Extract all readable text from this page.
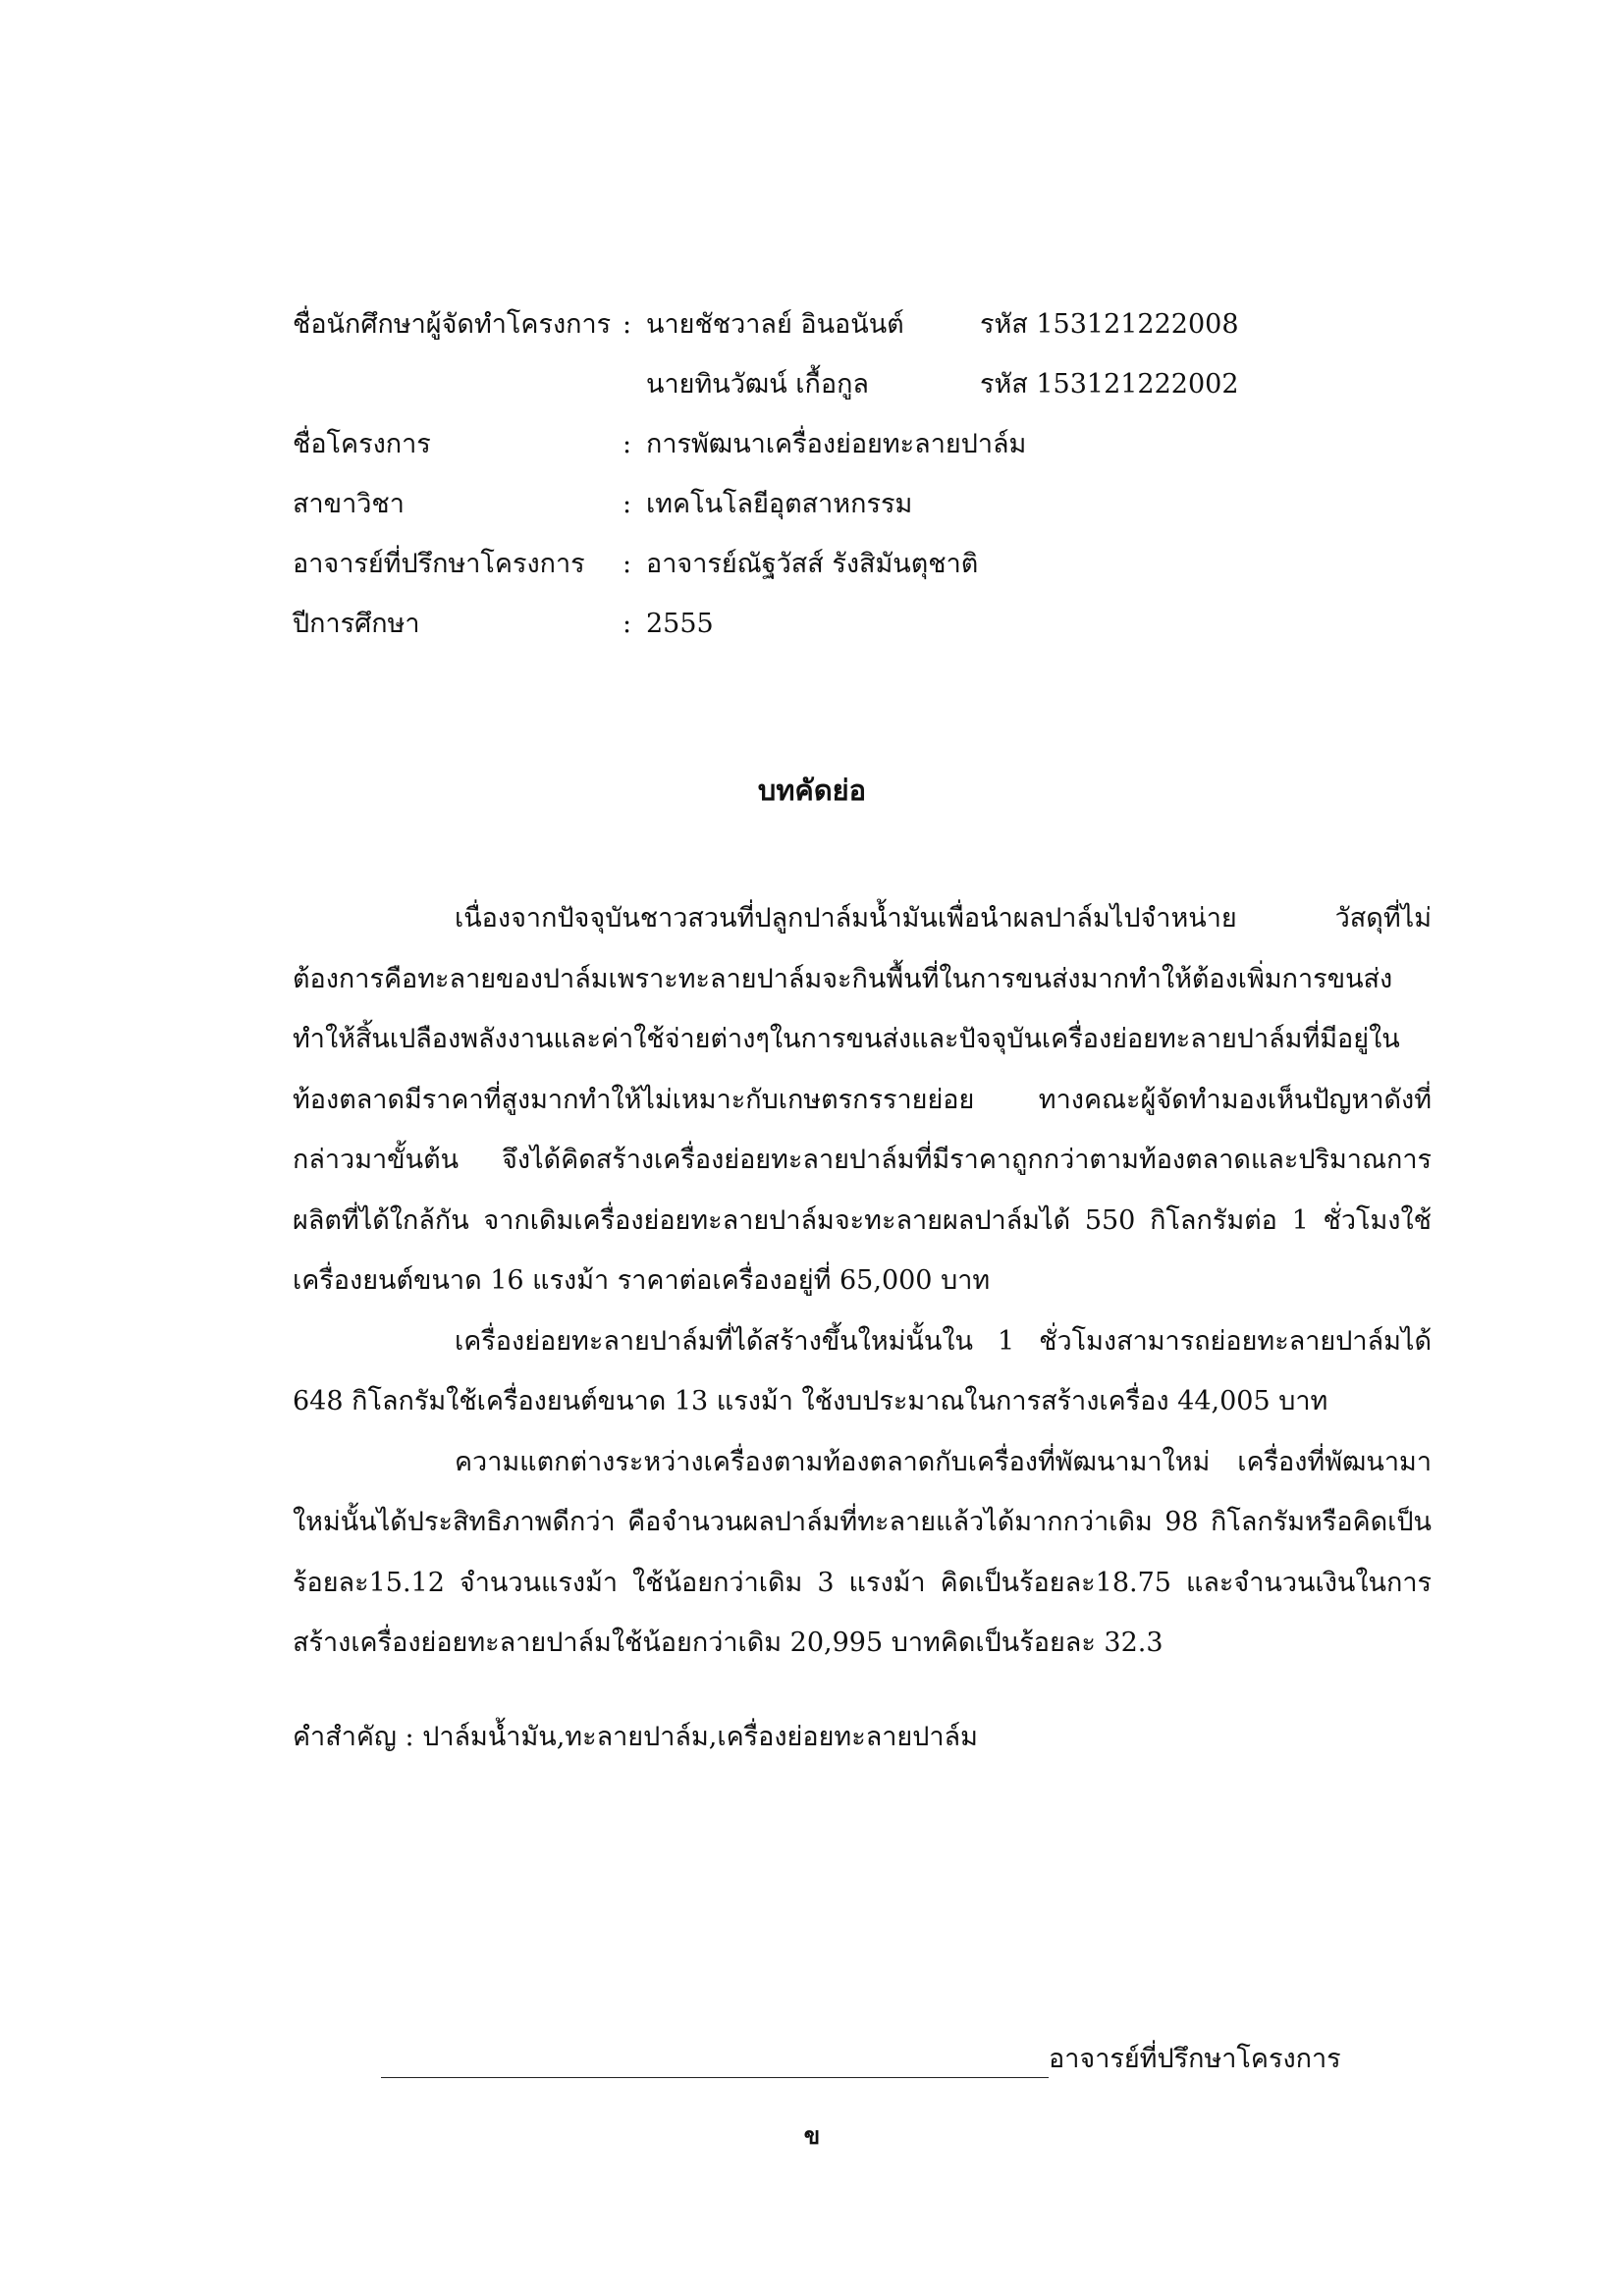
ชื่อนักศึกษาผู้จัดทำโครงการ : นายชัชวาลย์ อินอนันต์	รหัส 153121222008
นายทินวัฒน์ เกื้อกูล	รหัส 153121222002
ชื่อโครงการ	: การพัฒนาเครื่องย่อยทะลายปาล์ม
สาขาวิชา	: เทคโนโลยีอุตสาหกรรม
อาจารย์ที่ปรึกษาโครงการ : อาจารย์ณัฐวัสส์ รังสิมันตุชาติ
ปีการศึกษา	: 2555
บทคัดย่อ

เนื่องจากปัจจุบันชาวสวนที่ปลูกปาล์มน้ำมันเพื่อนำผลปาล์มไปจำหน่าย วัสดุที่ไม่ต้องการคือทะลายของปาล์มเพราะทะลายปาล์มจะกินพื้นที่ในการขนส่งมากทำให้ต้องเพิ่มการขนส่งทำให้สิ้นเปลืองพลังงานและค่าใช้จ่ายต่างๆในการขนส่งและปัจจุบันเครื่องย่อยทะลายปาล์มที่มีอยู่ในท้องตลาดมีราคาที่สูงมากทำให้ไม่เหมาะกับเกษตรกรรายย่อย ทางคณะผู้จัดทำมองเห็นปัญหาดังที่กล่าวมาขั้นต้น จึงได้คิดสร้างเครื่องย่อยทะลายปาล์มที่มีราคาถูกกว่าตามท้องตลาดและปริมาณการผลิตที่ได้ใกล้กัน จากเดิมเครื่องย่อยทะลายปาล์มจะทะลายผลปาล์มได้ 550 กิโลกรัมต่อ 1 ชั่วโมงใช้เครื่องยนต์ขนาด 16 แรงม้า ราคาต่อเครื่องอยู่ที่ 65,000 บาท

เครื่องย่อยทะลายปาล์มที่ได้สร้างขึ้นใหม่นั้นใน 1 ชั่วโมงสามารถย่อยทะลายปาล์มได้ 648 กิโลกรัมใช้เครื่องยนต์ขนาด 13 แรงม้า ใช้งบประมาณในการสร้างเครื่อง 44,005 บาท

ความแตกต่างระหว่างเครื่องตามท้องตลาดกับเครื่องที่พัฒนามาใหม่ เครื่องที่พัฒนามาใหม่นั้นได้ประสิทธิภาพดีกว่า คือจำนวนผลปาล์มที่ทะลายแล้วได้มากกว่าเดิม 98 กิโลกรัมหรือคิดเป็นร้อยละ15.12 จำนวนแรงม้า ใช้น้อยกว่าเดิม 3 แรงม้า คิดเป็นร้อยละ18.75 และจำนวนเงินในการสร้างเครื่องย่อยทะลายปาล์มใช้น้อยกว่าเดิม 20,995 บาทคิดเป็นร้อยละ 32.3

คำสำคัญ : ปาล์มน้ำมัน,ทะลายปาล์ม,เครื่องย่อยทะลายปาล์ม
อาจารย์ที่ปรึกษาโครงการ
ข
